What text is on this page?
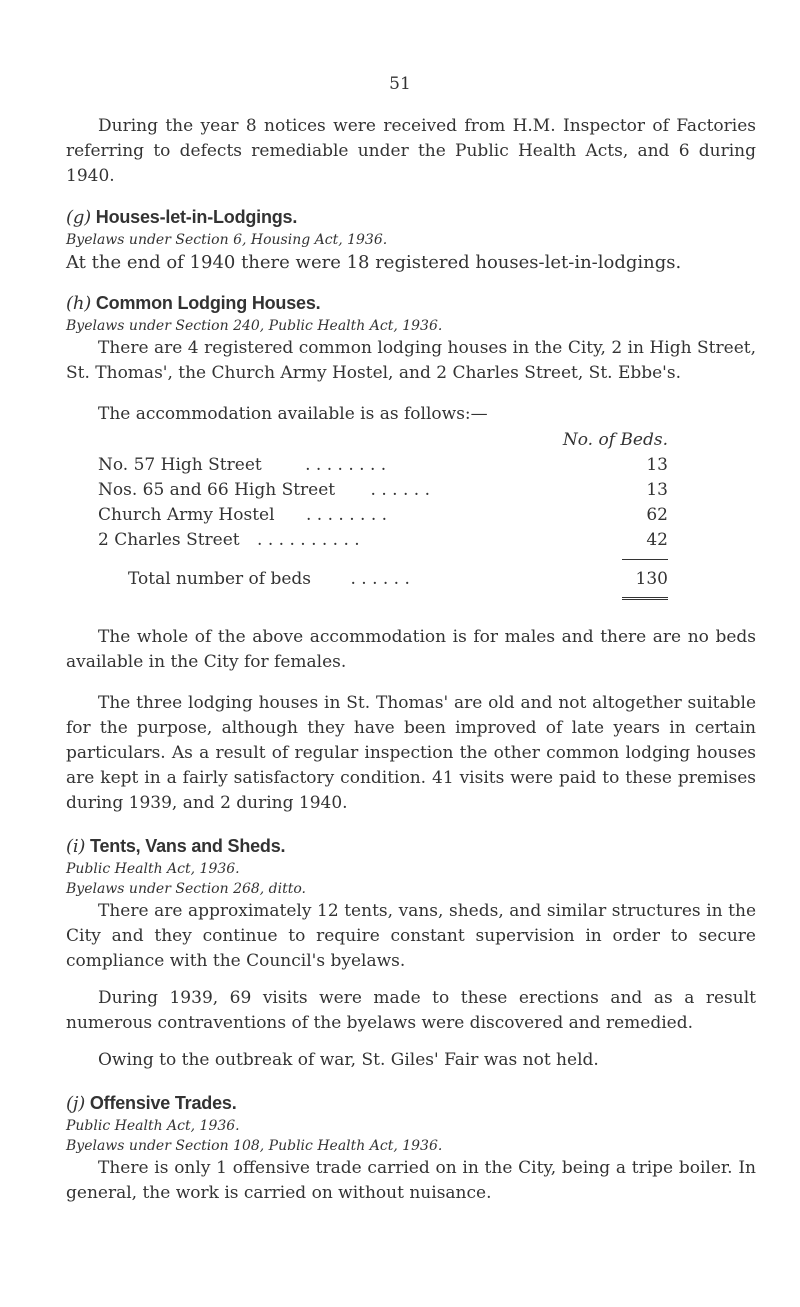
51

During the year 8 notices were received from H.M. Inspector of Factories referring to defects remediable under the Public Health Acts, and 6 during 1940.

(g) Houses-let-in-Lodgings.

Byelaws under Section 6, Housing Act, 1936.

At the end of 1940 there were 18 registered houses-let-in-lodgings.

(h) Common Lodging Houses.

Byelaws under Section 240, Public Health Act, 1936.

There are 4 registered common lodging houses in the City, 2 in High Street, St. Thomas', the Church Army Hostel, and 2 Charles Street, St. Ebbe's.

The accommodation available is as follows:—

	No. of Beds.
No. 57 High Street . . . . . . . .	13
Nos. 65 and 66 High Street . . . . . .	13
Church Army Hostel . . . . . . . .	62
2 Charles Street . . . . . . . . . .	42

Total number of beds . . . . . .	130

The whole of the above accommodation is for males and there are no beds available in the City for females.

The three lodging houses in St. Thomas' are old and not altogether suitable for the purpose, although they have been improved of late years in certain particulars. As a result of regular inspection the other common lodging houses are kept in a fairly satisfactory condition. 41 visits were paid to these premises during 1939, and 2 during 1940.

(i) Tents, Vans and Sheds.

Public Health Act, 1936.

Byelaws under Section 268, ditto.

There are approximately 12 tents, vans, sheds, and similar structures in the City and they continue to require constant supervision in order to secure compliance with the Council's byelaws.

During 1939, 69 visits were made to these erections and as a result numerous contraventions of the byelaws were discovered and remedied.

Owing to the outbreak of war, St. Giles' Fair was not held.

(j) Offensive Trades.

Public Health Act, 1936.

Byelaws under Section 108, Public Health Act, 1936.

There is only 1 offensive trade carried on in the City, being a tripe boiler. In general, the work is carried on without nuisance.
